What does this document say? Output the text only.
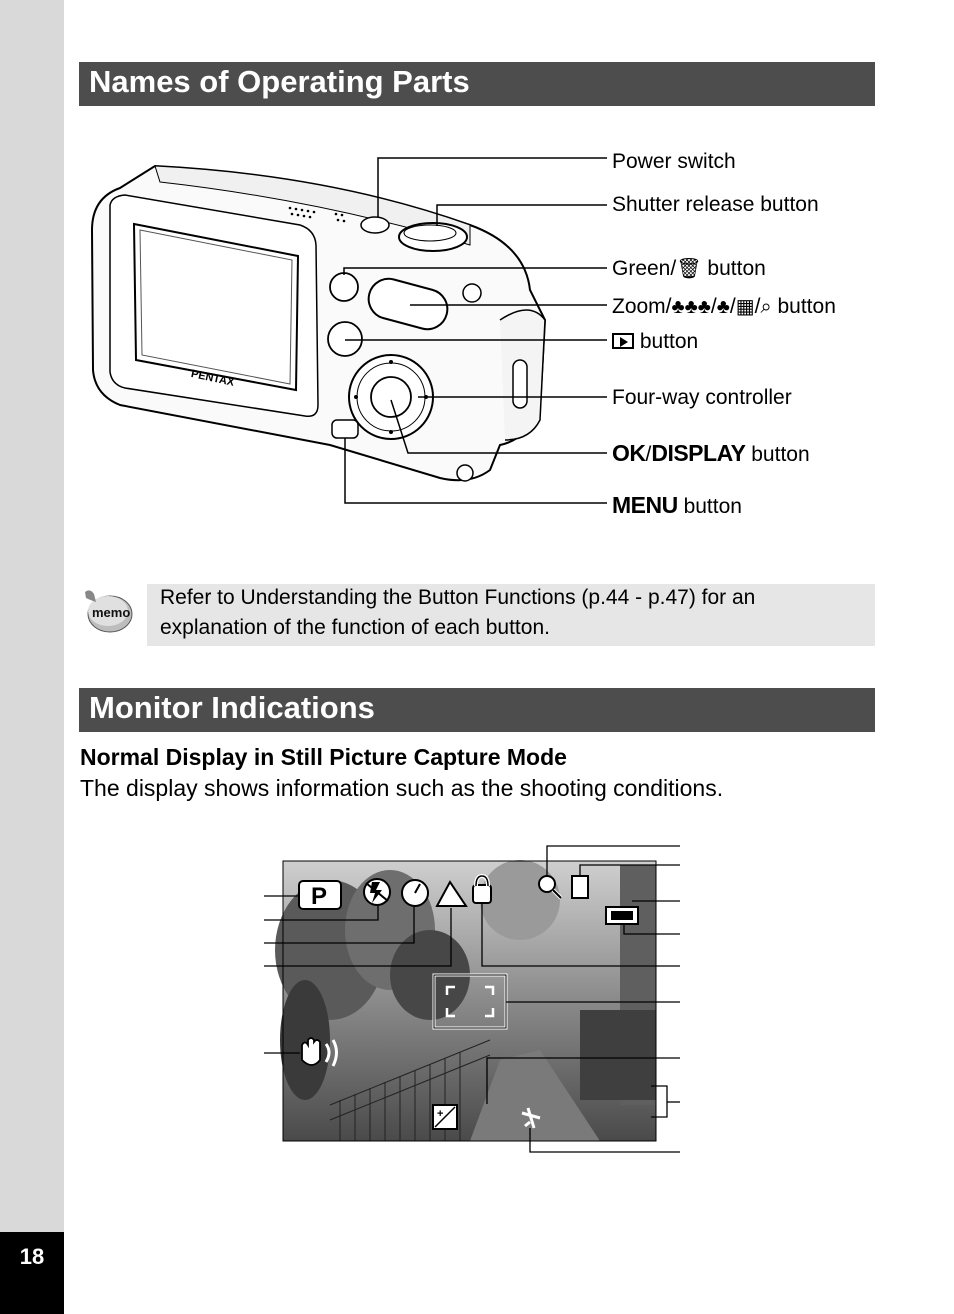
18
Names of Operating Parts
PENTAX
Power switch
Shutter release button
Green/🗑 button
Zoom/♣♣♣/♣/▦/⌕ button
button
Four-way controller
OK/DISPLAY button
MENU button
memo
Refer to Understanding the Button Functions (p.44 - p.47) for an
explanation of the function of each button.
Monitor Indications
Normal Display in Still Picture Capture Mode
The display shows information such as the shooting conditions.
P
+
